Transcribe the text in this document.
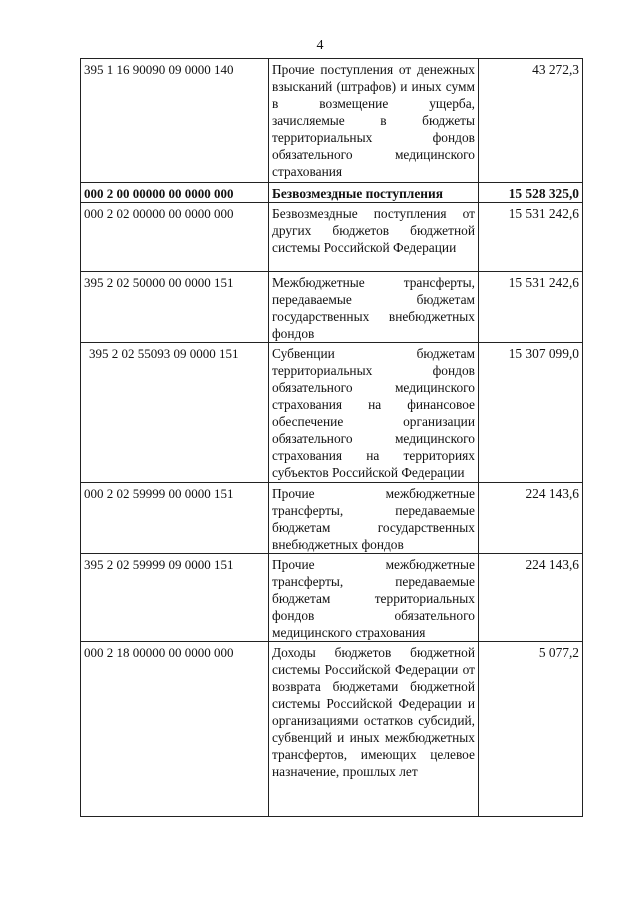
4
395 1 16 90090 09 0000 140	Прочие поступления от денежных взысканий (штрафов) и иных сумм в возмещение ущерба, зачисляемые в бюджеты территориальных фондов обязательного медицинского страхования	43 272,3
000 2 00 00000 00 0000 000	Безвозмездные поступления	15 528 325,0
000 2 02 00000 00 0000 000	Безвозмездные поступления от других бюджетов бюджетной системы Российской Федерации	15 531 242,6
395 2 02 50000 00 0000 151	Межбюджетные трансферты, передаваемые бюджетам государственных внебюджетных фондов	15 531 242,6
395 2 02 55093 09 0000 151	Субвенции бюджетам территориальных фондов обязательного медицинского страхования на финансовое обеспечение организации обязательного медицинского страхования на территориях субъектов Российской Федерации	15 307 099,0
000 2 02 59999 00 0000 151	Прочие межбюджетные трансферты, передаваемые бюджетам государственных внебюджетных фондов	224 143,6
395 2 02 59999 09 0000 151	Прочие межбюджетные трансферты, передаваемые бюджетам территориальных фондов обязательного медицинского страхования	224 143,6
000 2 18 00000 00 0000 000	Доходы бюджетов бюджетной системы Российской Федерации от возврата бюджетами бюджетной системы Российской Федерации и организациями остатков субсидий, субвенций и иных межбюджетных трансфертов, имеющих целевое назначение, прошлых лет	5 077,2
